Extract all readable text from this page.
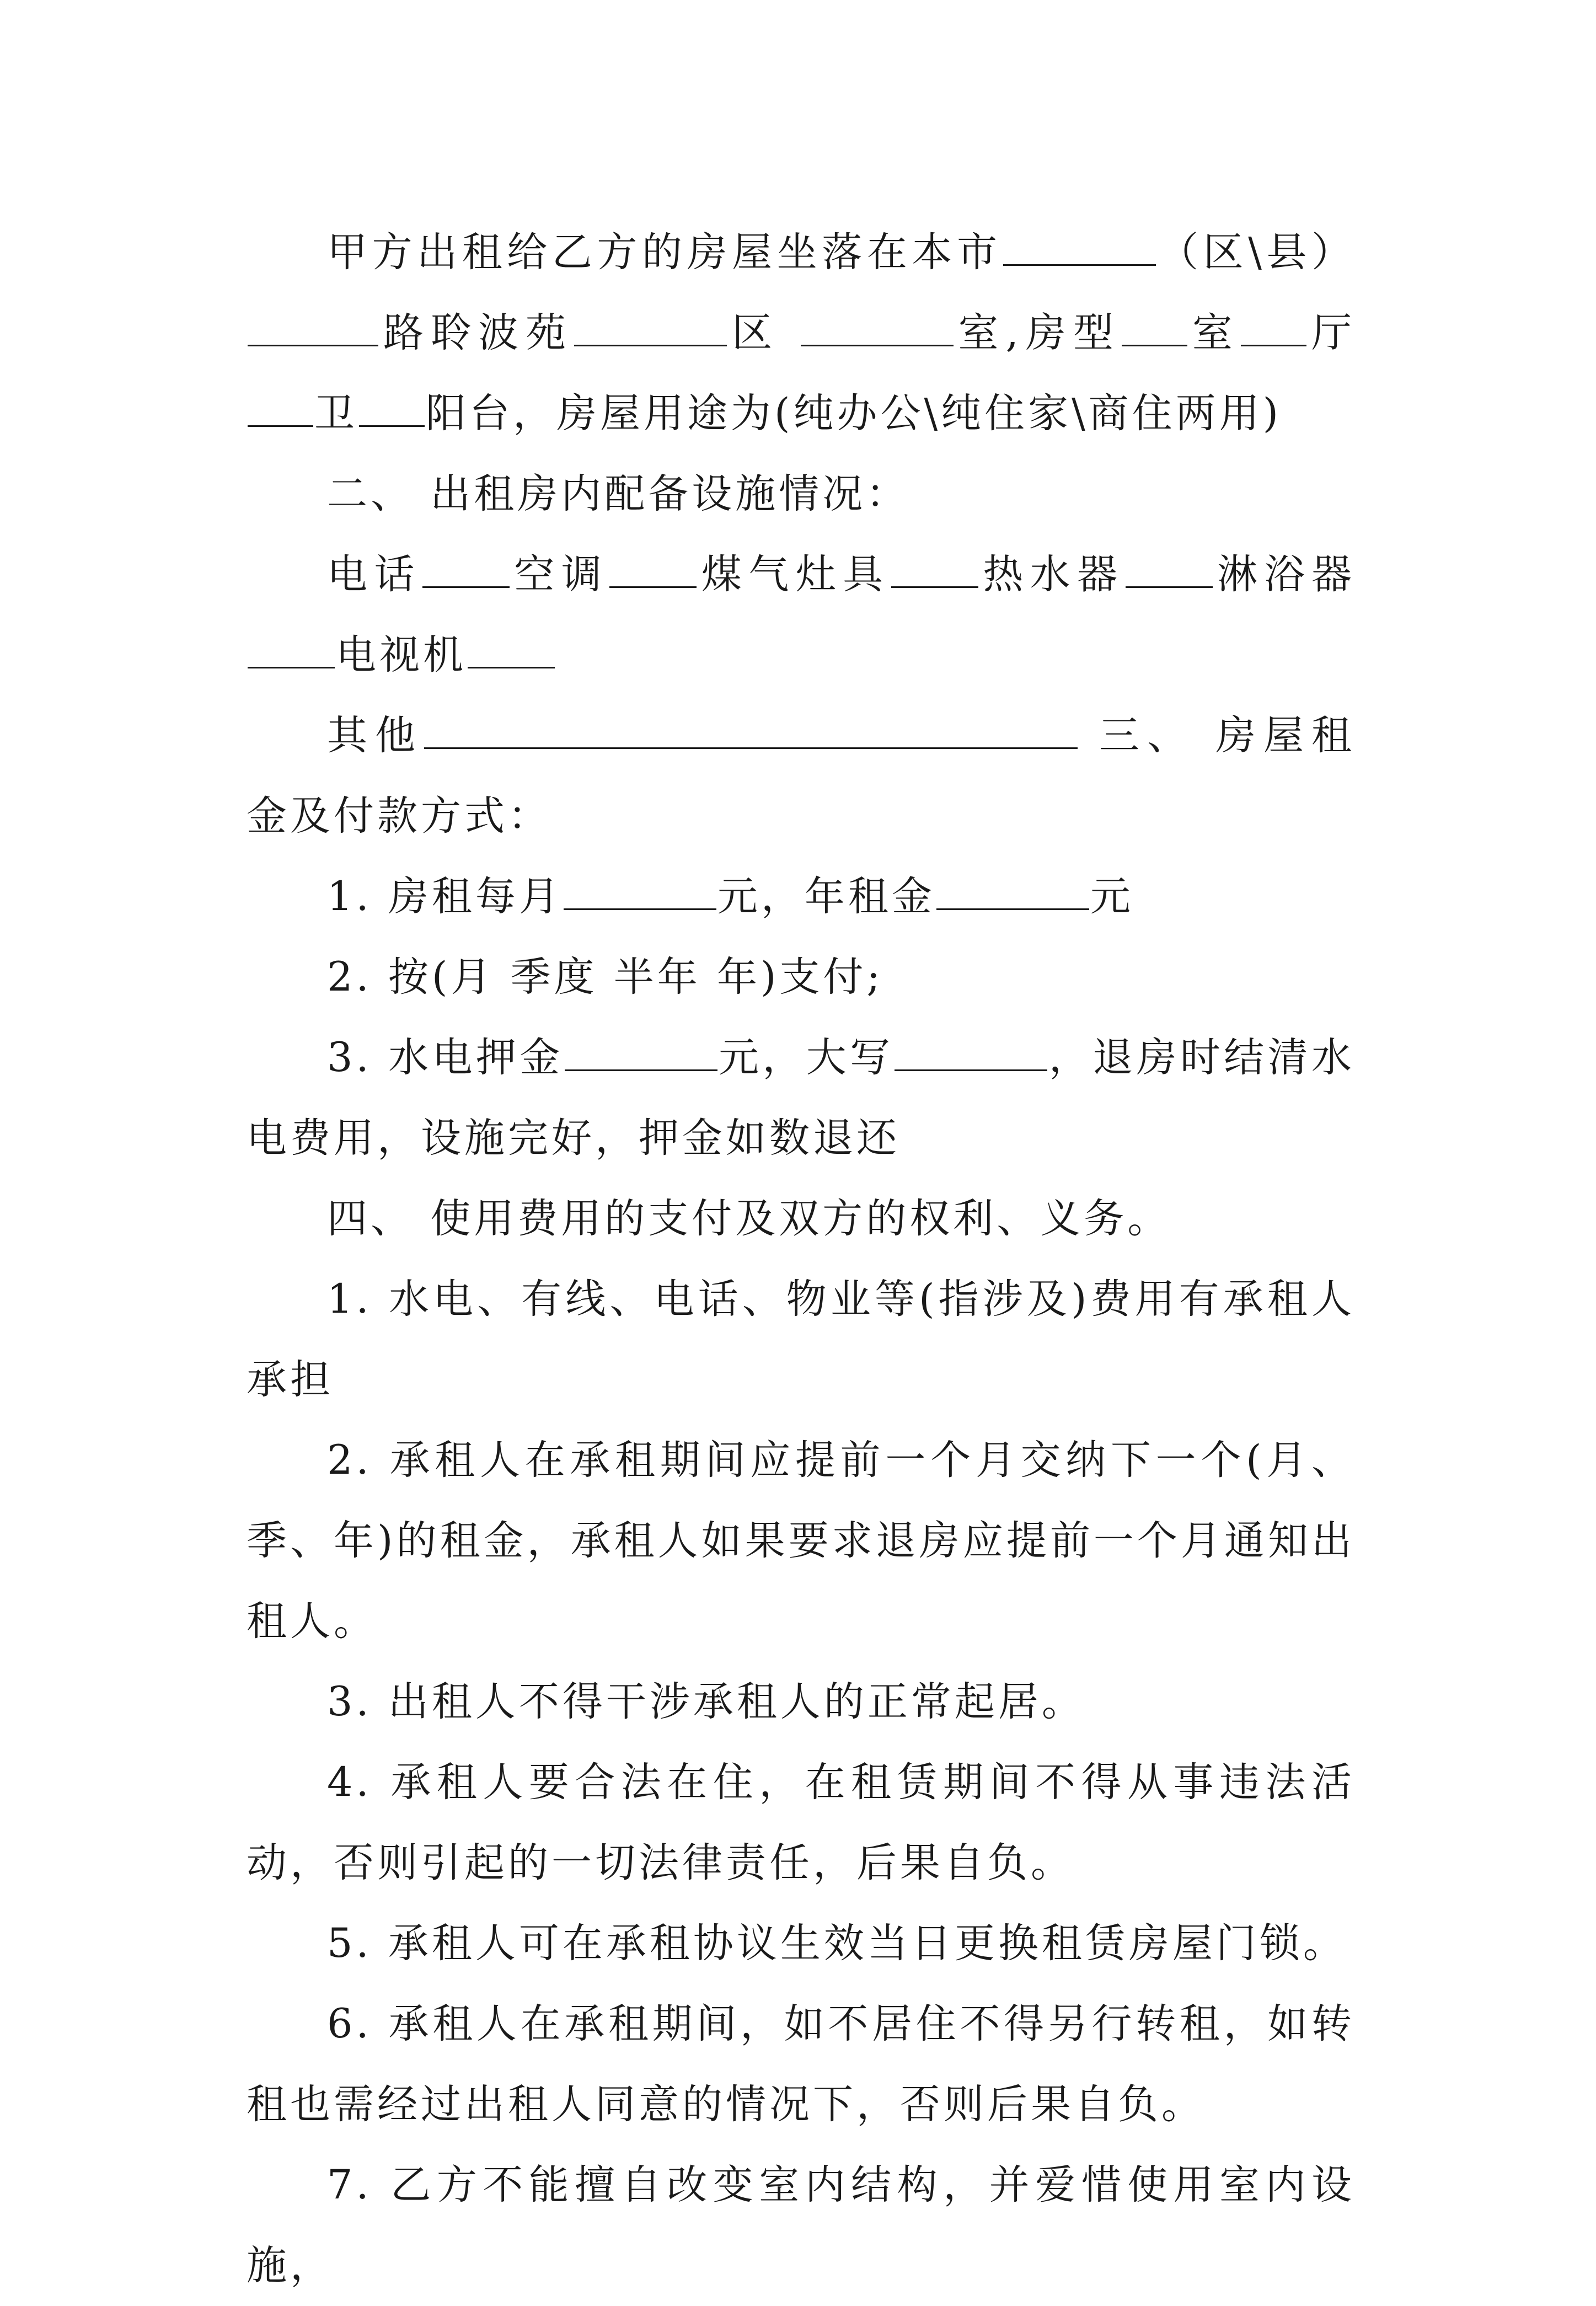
甲方出租给乙方的房屋坐落在本市	（区\县）路聆波苑	区	室,房型 室 厅卫 阳台，房屋用途为(纯办公\纯住家\商住两用)

二、 出租房内配备设施情况：

电话 空调 煤气灶具 热水器 淋浴器电视机

其他	三、 房屋租金及付款方式：

1. 房租每月	元，年租金	元

2. 按(月 季度 半年 年)支付;

3. 水电押金	元，大写	，退房时结清水电费用，设施完好，押金如数退还

四、 使用费用的支付及双方的权利、义务。

1. 水电、有线、电话、物业等(指涉及)费用有承租人承担

2. 承租人在承租期间应提前一个月交纳下一个(月、季、年)的租金，承租人如果要求退房应提前一个月通知出租人。

3. 出租人不得干涉承租人的正常起居。

4. 承租人要合法在住，在租赁期间不得从事违法活动，否则引起的一切法律责任，后果自负。

5. 承租人可在承租协议生效当日更换租赁房屋门锁。

6. 承租人在承租期间，如不居住不得另行转租，如转租也需经过出租人同意的情况下，否则后果自负。

7. 乙方不能擅自改变室内结构，并爱惜使用室内设施，
